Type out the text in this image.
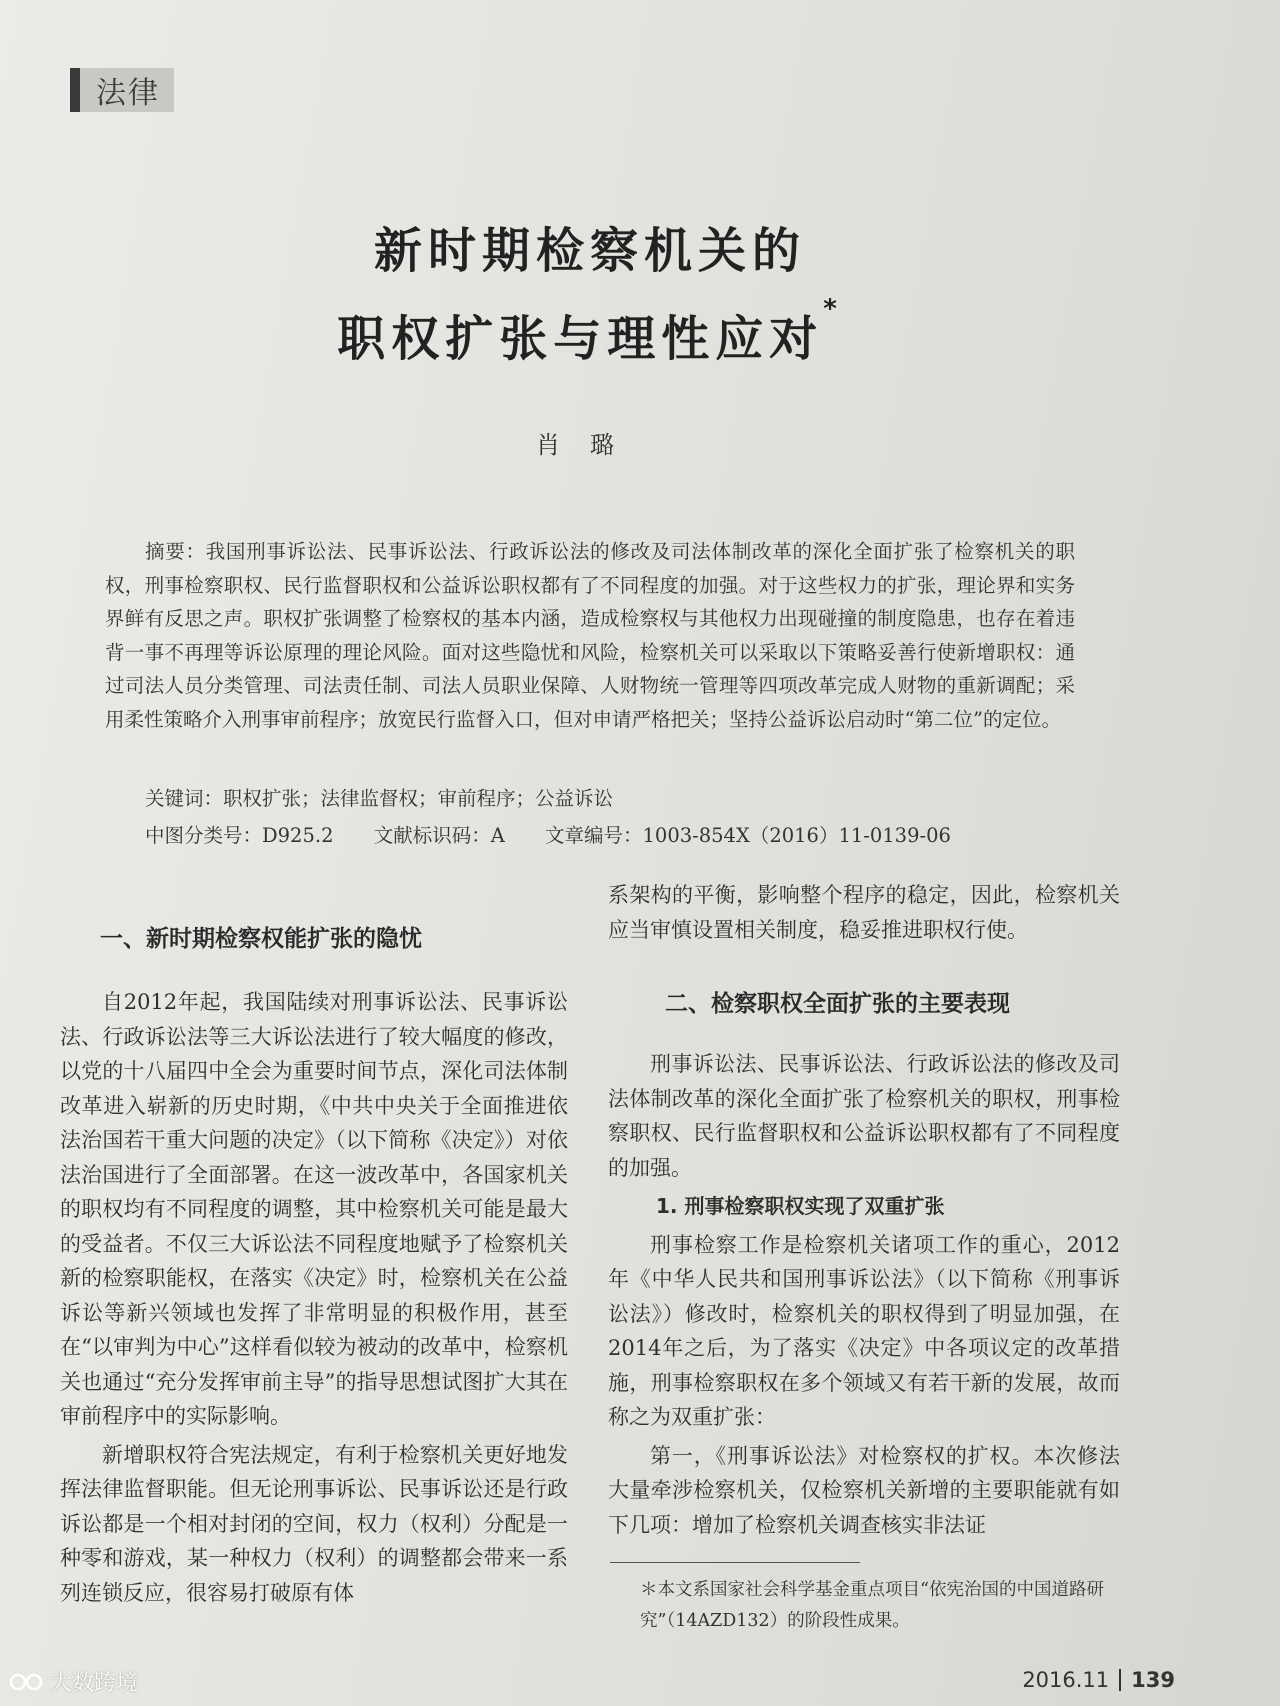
法律
新时期检察机关的
职权扩张与理性应对*
肖璐
摘要：我国刑事诉讼法、民事诉讼法、行政诉讼法的修改及司法体制改革的深化全面扩张了检察机关的职权，刑事检察职权、民行监督职权和公益诉讼职权都有了不同程度的加强。对于这些权力的扩张，理论界和实务界鲜有反思之声。职权扩张调整了检察权的基本内涵，造成检察权与其他权力出现碰撞的制度隐患，也存在着违背一事不再理等诉讼原理的理论风险。面对这些隐忧和风险，检察机关可以采取以下策略妥善行使新增职权：通过司法人员分类管理、司法责任制、司法人员职业保障、人财物统一管理等四项改革完成人财物的重新调配；采用柔性策略介入刑事审前程序；放宽民行监督入口，但对申请严格把关；坚持公益诉讼启动时“第二位”的定位。
关键词：职权扩张；法律监督权；审前程序；公益诉讼
中图分类号：D925.2 文献标识码：A 文章编号：1003-854X（2016）11-0139-06
一、新时期检察权能扩张的隐忧

自2012年起，我国陆续对刑事诉讼法、民事诉讼法、行政诉讼法等三大诉讼法进行了较大幅度的修改，以党的十八届四中全会为重要时间节点，深化司法体制改革进入崭新的历史时期，《中共中央关于全面推进依法治国若干重大问题的决定》（以下简称《决定》）对依法治国进行了全面部署。在这一波改革中，各国家机关的职权均有不同程度的调整，其中检察机关可能是最大的受益者。不仅三大诉讼法不同程度地赋予了检察机关新的检察职能权，在落实《决定》时，检察机关在公益诉讼等新兴领域也发挥了非常明显的积极作用，甚至在“以审判为中心”这样看似较为被动的改革中，检察机关也通过“充分发挥审前主导”的指导思想试图扩大其在审前程序中的实际影响。

新增职权符合宪法规定，有利于检察机关更好地发挥法律监督职能。但无论刑事诉讼、民事诉讼还是行政诉讼都是一个相对封闭的空间，权力（权利）分配是一种零和游戏，某一种权力（权利）的调整都会带来一系列连锁反应，很容易打破原有体

系架构的平衡，影响整个程序的稳定，因此，检察机关应当审慎设置相关制度，稳妥推进职权行使。

二、检察职权全面扩张的主要表现

刑事诉讼法、民事诉讼法、行政诉讼法的修改及司法体制改革的深化全面扩张了检察机关的职权，刑事检察职权、民行监督职权和公益诉讼职权都有了不同程度的加强。

1. 刑事检察职权实现了双重扩张

刑事检察工作是检察机关诸项工作的重心，2012年《中华人民共和国刑事诉讼法》（以下简称《刑事诉讼法》）修改时，检察机关的职权得到了明显加强，在2014年之后，为了落实《决定》中各项议定的改革措施，刑事检察职权在多个领域又有若干新的发展，故而称之为双重扩张：

第一，《刑事诉讼法》对检察权的扩权。本次修法大量牵涉检察机关，仅检察机关新增的主要职能就有如下几项：增加了检察机关调查核实非法证

＊本文系国家社会科学基金重点项目“依宪治国的中国道路研究”（14AZD132）的阶段性成果。
2016.11 139
大数跨境
